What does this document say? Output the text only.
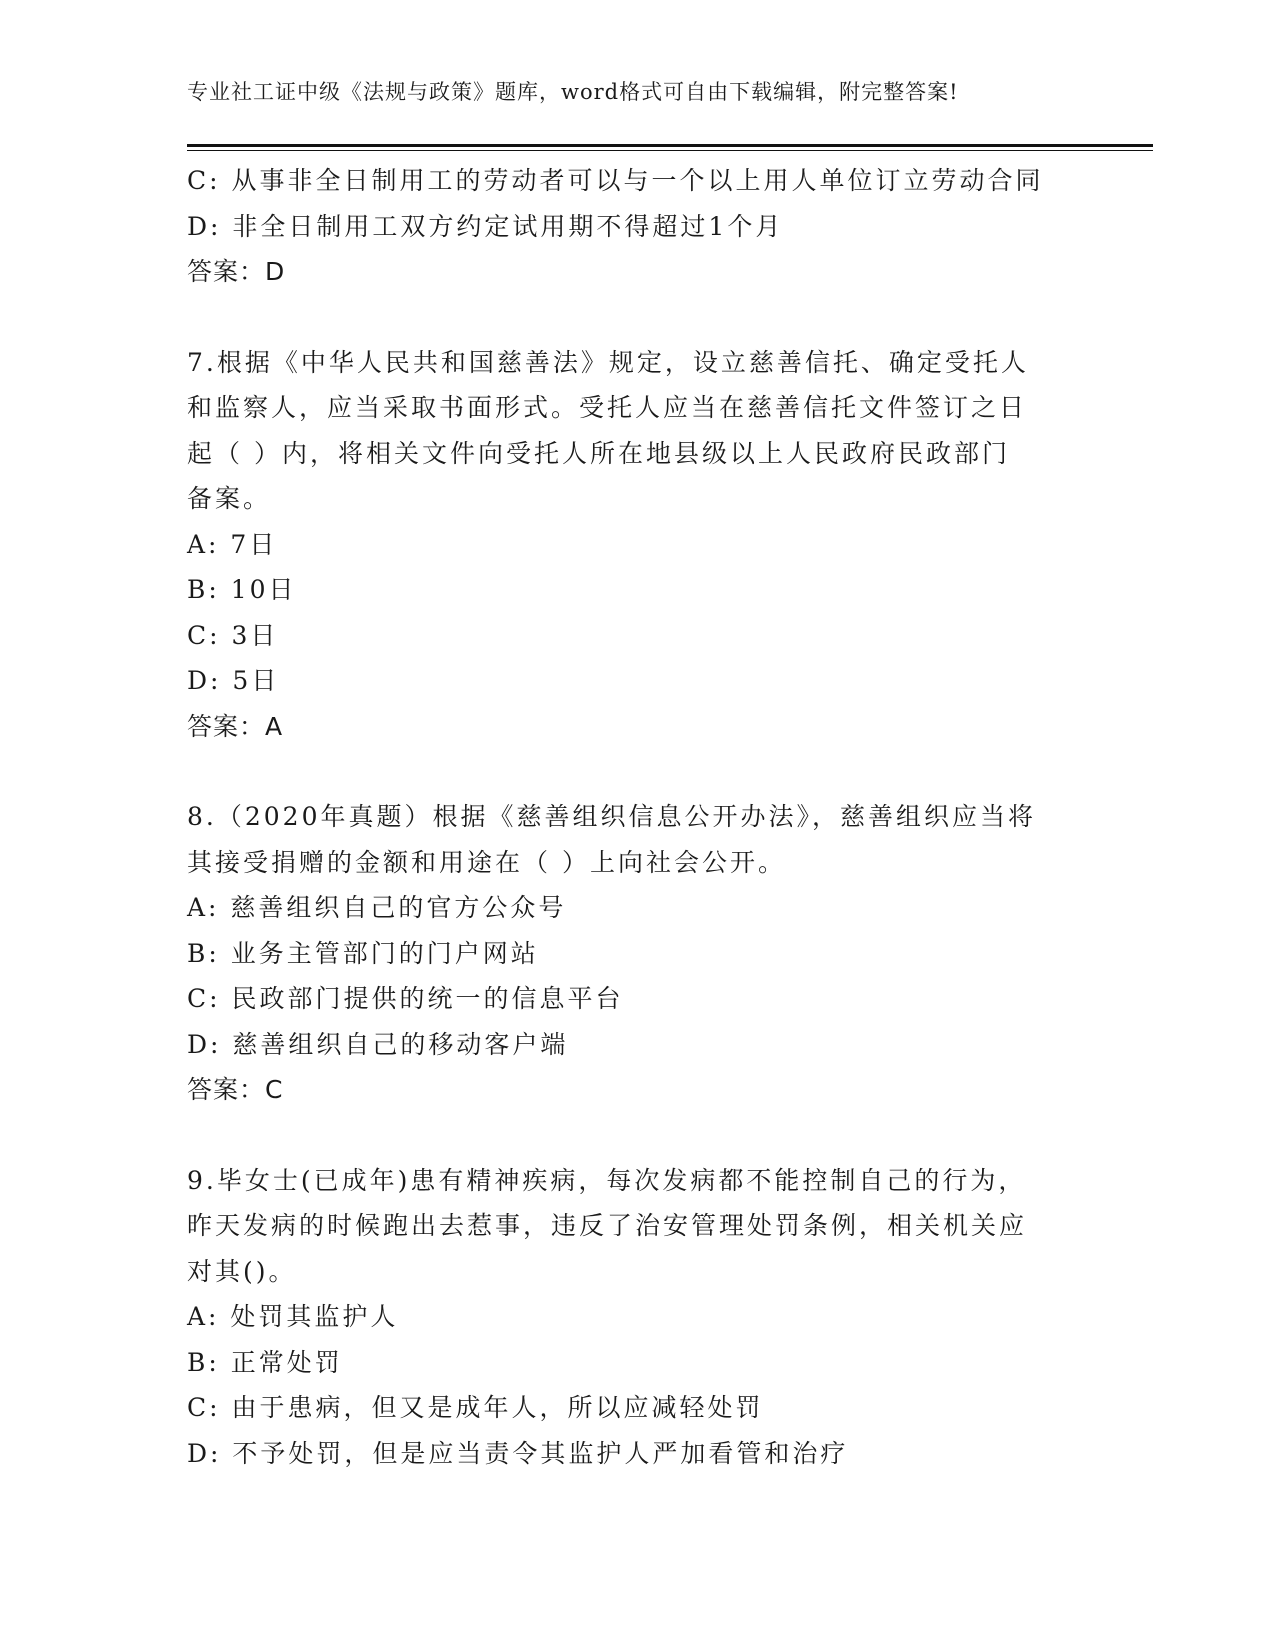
专业社工证中级《法规与政策》题库，word格式可自由下载编辑，附完整答案!
C: 从事非全日制用工的劳动者可以与一个以上用人单位订立劳动合同
D: 非全日制用工双方约定试用期不得超过1个月
答案：D
7.根据《中华人民共和国慈善法》规定，设立慈善信托、确定受托人
和监察人，应当采取书面形式。受托人应当在慈善信托文件签订之日
起（ ）内，将相关文件向受托人所在地县级以上人民政府民政部门
备案。
A: 7日
B: 10日
C: 3日
D: 5日
答案：A
8.（2020年真题）根据《慈善组织信息公开办法》，慈善组织应当将
其接受捐赠的金额和用途在（ ）上向社会公开。
A: 慈善组织自己的官方公众号
B: 业务主管部门的门户网站
C: 民政部门提供的统一的信息平台
D: 慈善组织自己的移动客户端
答案：C
9.毕女士(已成年)患有精神疾病，每次发病都不能控制自己的行为，
昨天发病的时候跑出去惹事，违反了治安管理处罚条例，相关机关应
对其()。
A: 处罚其监护人
B: 正常处罚
C: 由于患病，但又是成年人，所以应减轻处罚
D: 不予处罚，但是应当责令其监护人严加看管和治疗
